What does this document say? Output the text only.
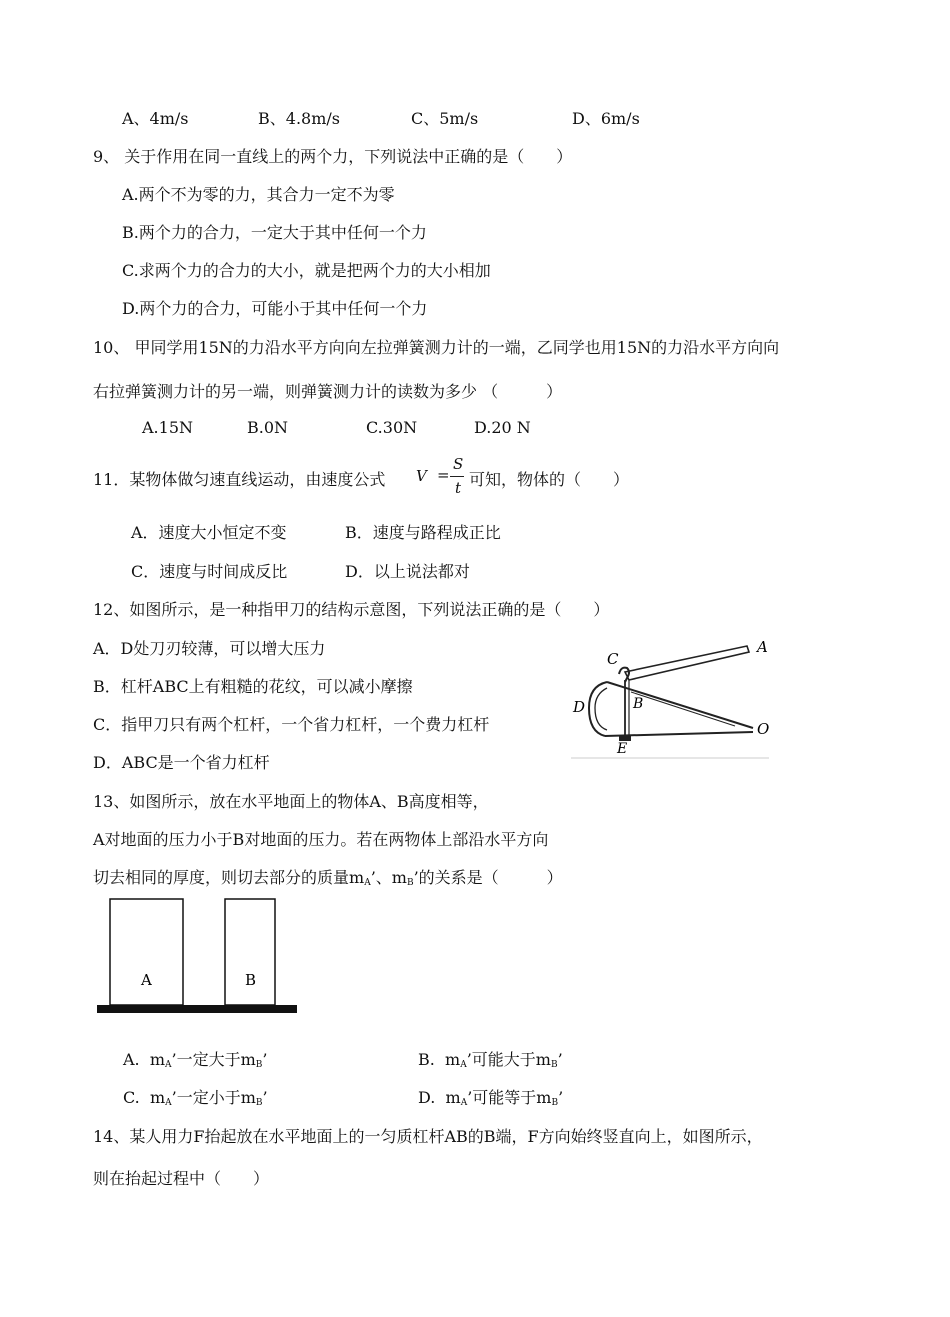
A、4m/s	B、4.8m/s	C、5m/s	D、6m/s
9、 关于作用在同一直线上的两个力，下列说法中正确的是（　　）
A.两个不为零的力，其合力一定不为零
B.两个力的合力，一定大于其中任何一个力
C.求两个力的合力的大小，就是把两个力的大小相加
D.两个力的合力，可能小于其中任何一个力
10、 甲同学用15N的力沿水平方向向左拉弹簧测力计的一端，乙同学也用15N的力沿水平方向向
右拉弹簧测力计的另一端，则弹簧测力计的读数为多少 （　　　）
A.15N	B.0N	C.30N	D.20 N
11．某物体做匀速直线运动，由速度公式 V =
S
t 可知，物体的（　　）
A．速度大小恒定不变	B．速度与路程成正比
C．速度与时间成反比	D．以上说法都对
12、如图所示，是一种指甲刀的结构示意图，下列说法正确的是（　　）
A．D处刀刃较薄，可以增大压力
B．杠杆ABC上有粗糙的花纹，可以减小摩擦
C．指甲刀只有两个杠杆，一个省力杠杆，一个费力杠杆
D．ABC是一个省力杠杆
A
C
B
D
E
O
13、如图所示，放在水平地面上的物体A、B高度相等，
A对地面的压力小于B对地面的压力。若在两物体上部沿水平方向
切去相同的厚度，则切去部分的质量$m_A$’、$m_B$’的关系是（　　　）
A	B
A. $m_A$’一定大于$m_B$’	B. $m_A$’可能大于$m_B$’
C. $m_A$’一定小于$m_B$’	D. $m_A$’可能等于$m_B$’
14、某人用力F抬起放在水平地面上的一匀质杠杆AB的B端，F方向始终竖直向上，如图所示，
则在抬起过程中（　　）
